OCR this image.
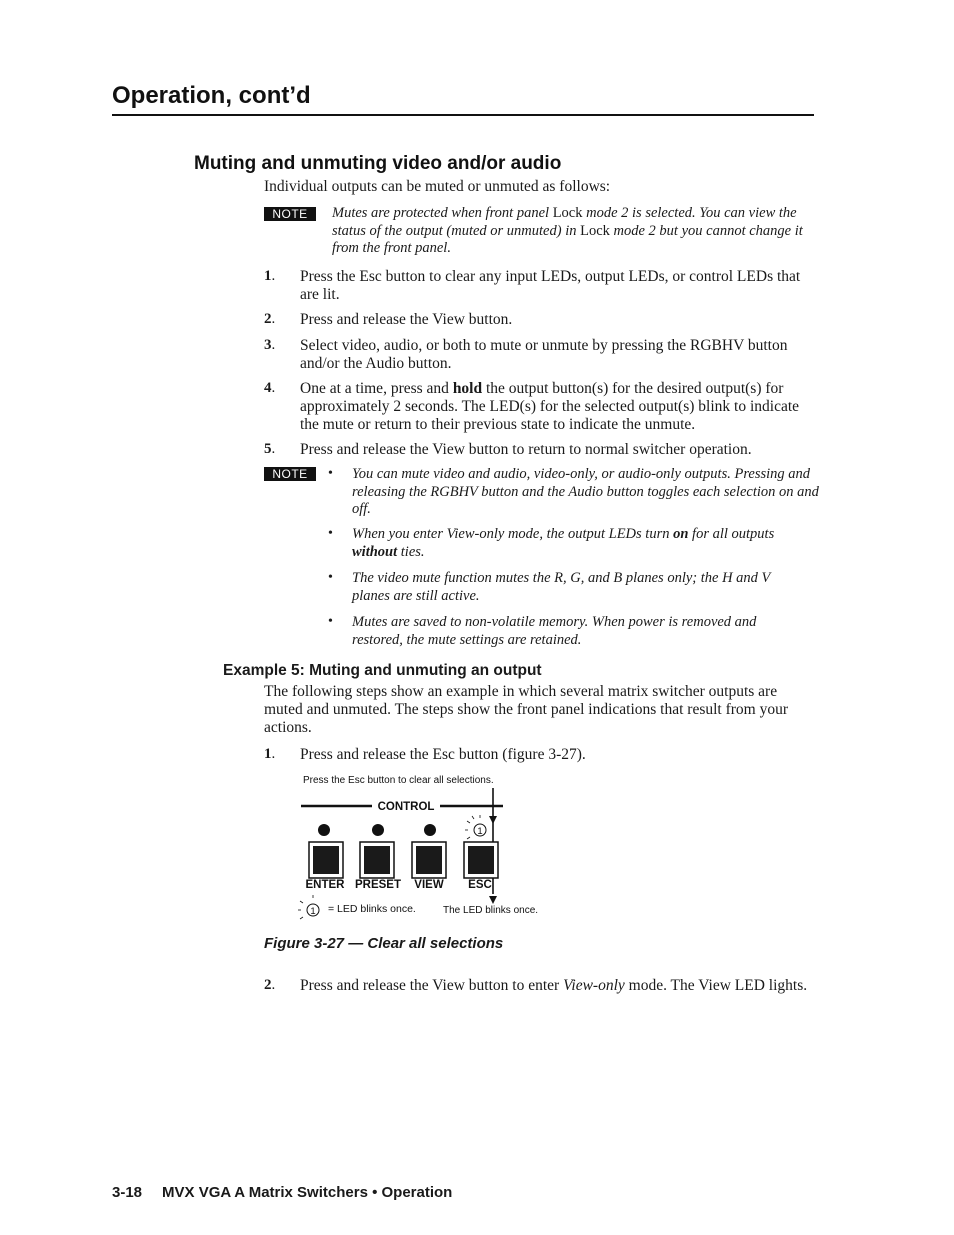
Operation, cont’d
Muting and unmuting video and/or audio
Individual outputs can be muted or unmuted as follows:
NOTE	Mutes are protected when front panel Lock mode 2 is selected. You can view the status of the output (muted or unmuted) in Lock mode 2 but you cannot change it from the front panel.
1. Press the Esc button to clear any input LEDs, output LEDs, or control LEDs that are lit.
2. Press and release the View button.
3. Select video, audio, or both to mute or unmute by pressing the RGBHV button and/or the Audio button.
4. One at a time, press and hold the output button(s) for the desired output(s) for approximately 2 seconds. The LED(s) for the selected output(s) blink to indicate the mute or return to their previous state to indicate the unmute.
5. Press and release the View button to return to normal switcher operation.
NOTE	• You can mute video and audio, video-only, or audio-only outputs. Pressing and releasing the RGBHV button and the Audio button toggles each selection on and off.
• When you enter View-only mode, the output LEDs turn on for all outputs without ties.
• The video mute function mutes the R, G, and B planes only; the H and V planes are still active.
• Mutes are saved to non-volatile memory. When power is removed and restored, the mute settings are retained.
Example 5: Muting and unmuting an output
The following steps show an example in which several matrix switcher outputs are muted and unmuted. The steps show the front panel indications that result from your actions.
1. Press and release the Esc button (figure 3-27).
Press the Esc button to clear all selections.
CONTROL
1
ENTER PRESET VIEW ESC
1 = LED blinks once.	The LED blinks once.
Figure 3-27 — Clear all selections
2. Press and release the View button to enter View-only mode. The View LED lights.
3-18 MVX VGA A Matrix Switchers • Operation
